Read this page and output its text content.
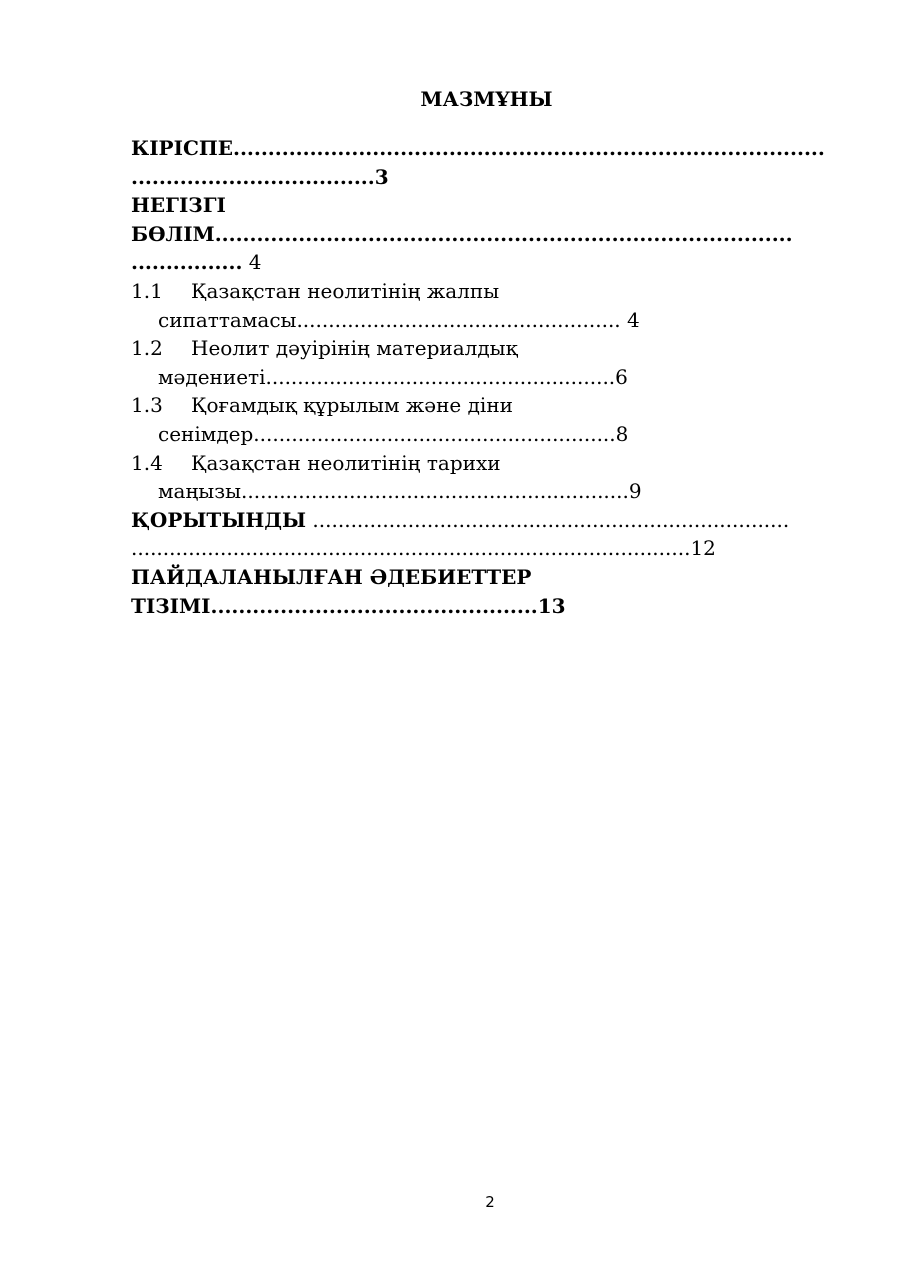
МАЗМҰНЫ
КІРІСПЕ.....................................................................................
...................................3
НЕГІЗГІ
БӨЛІМ...................................................................................
................ 4
1.1 Қазақстан неолитінің жалпы
сипаттамасы................................................... 4
1.2 Неолит дәуірінің материалдық
мәдениеті.......................................................6
1.3 Қоғамдық құрылым және діни
сенімдер.........................................................8
1.4 Қазақстан неолитінің тарихи
маңызы.............................................................9
ҚОРЫТЫНДЫ ...........................................................................
........................................................................................12
ПАЙДАЛАНЫЛҒАН ӘДЕБИЕТТЕР
ТІЗІМІ...............................................13
2
